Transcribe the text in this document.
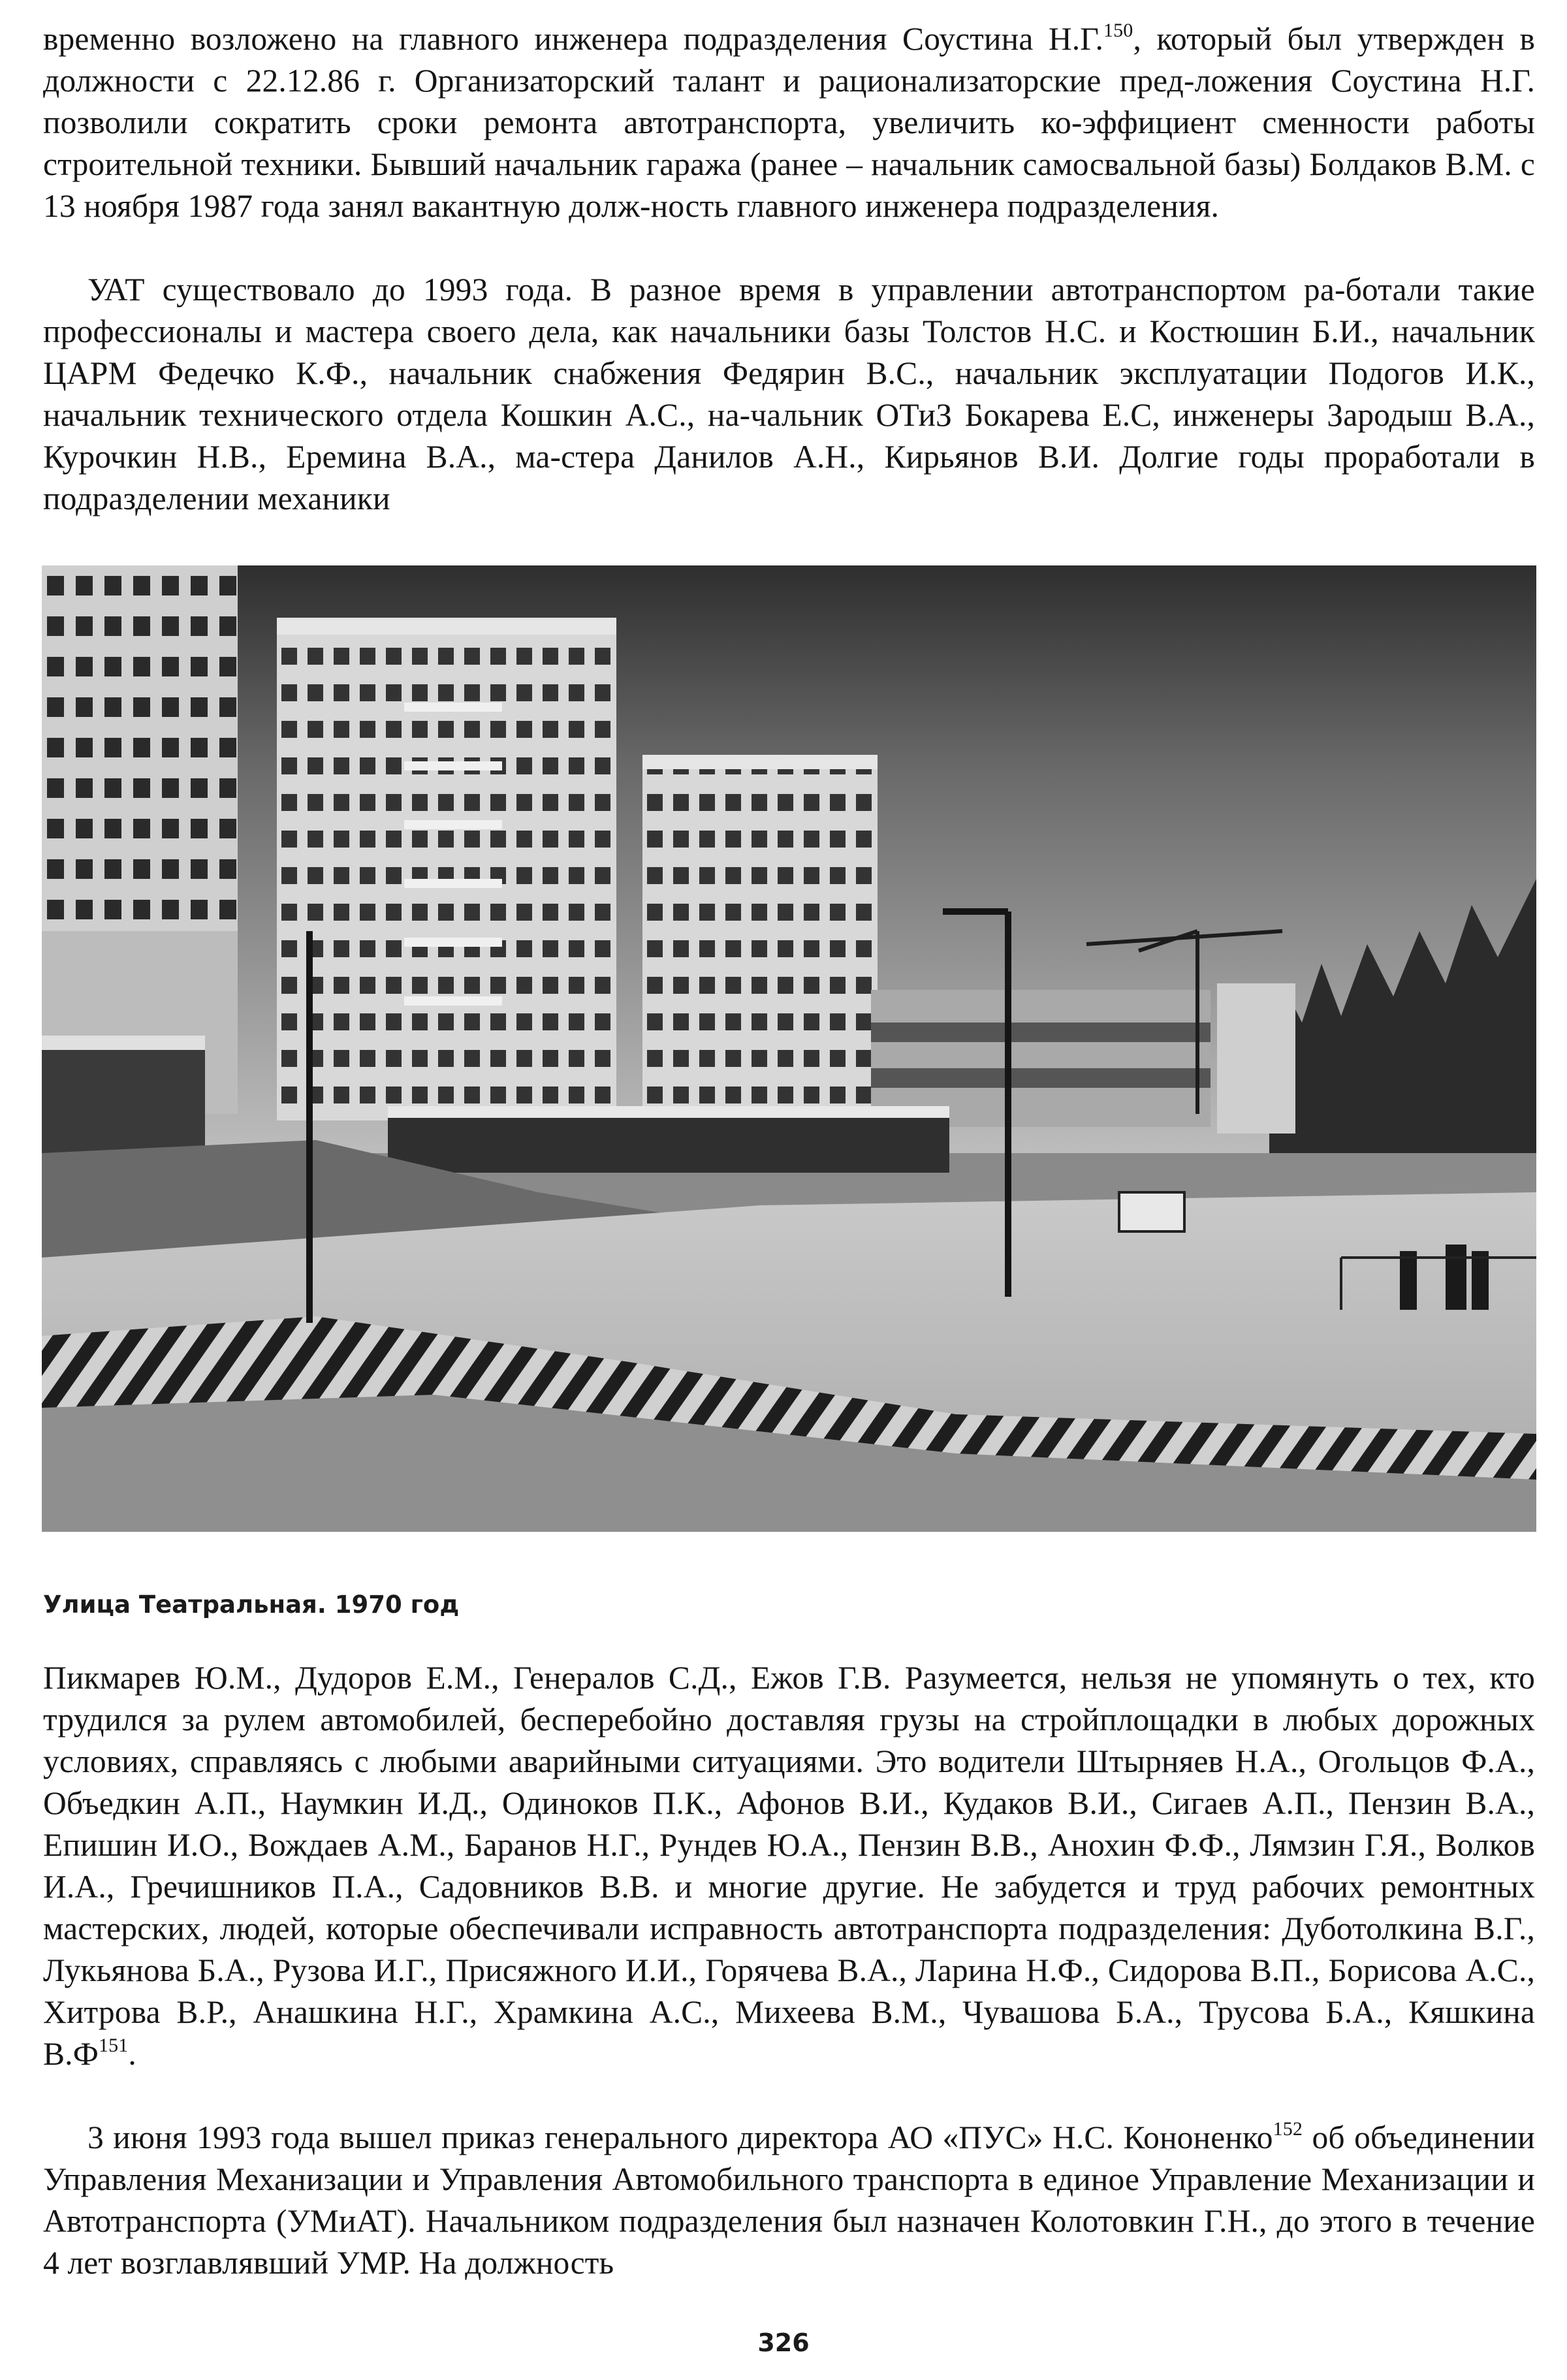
временно возложено на главного инженера подразделения Соустина Н.Г.$^{150}$, который был утвержден в должности с 22.12.86 г. Организаторский талант и рационализаторские пред-ложения Соустина Н.Г. позволили сократить сроки ремонта автотранспорта, увеличить ко-эффициент сменности работы строительной техники. Бывший начальник гаража (ранее – начальник самосвальной базы) Болдаков В.М. с 13 ноября 1987 года занял вакантную долж-ность главного инженера подразделения.

УАТ существовало до 1993 года. В разное время в управлении автотранспортом ра-ботали такие профессионалы и мастера своего дела, как начальники базы Толстов Н.С. и Костюшин Б.И., начальник ЦАРМ Федечко К.Ф., начальник снабжения Федярин В.С., начальник эксплуатации Подогов И.К., начальник технического отдела Кошкин А.С., на-чальник ОТиЗ Бокарева Е.С, инженеры Зародыш В.А., Курочкин Н.В., Еремина В.А., ма-стера Данилов А.Н., Кирьянов В.И. Долгие годы проработали в подразделении механики

Улица Театральная. 1970 год

Пикмарев Ю.М., Дудоров Е.М., Генералов С.Д., Ежов Г.В. Разумеется, нельзя не упомянуть о тех, кто трудился за рулем автомобилей, бесперебойно доставляя грузы на стройплощадки в любых дорожных условиях, справляясь с любыми аварийными ситуациями. Это водители Штырняев Н.А., Огольцов Ф.А., Объедкин А.П., Наумкин И.Д., Одиноков П.К., Афонов В.И., Кудаков В.И., Сигаев А.П., Пензин В.А., Епишин И.О., Вождаев А.М., Баранов Н.Г., Рундев Ю.А., Пензин В.В., Анохин Ф.Ф., Лямзин Г.Я., Волков И.А., Гречишников П.А., Садовников В.В. и многие другие. Не забудется и труд рабочих ремонтных мастерских, людей, которые обеспечивали исправность автотранспорта подразделения: Дуботолкина В.Г., Лукьянова Б.А., Рузова И.Г., Присяжного И.И., Горячева В.А., Ларина Н.Ф., Сидорова В.П., Борисова А.С., Хитрова В.Р., Анашкина Н.Г., Храмкина А.С., Михеева В.М., Чувашова Б.А., Трусова Б.А., Кяшкина $В.Ф^{151}$.

3 июня 1993 года вышел приказ генерального директора АО «ПУС» Н.С. Кононенко$^{152}$ об объединении Управления Механизации и Управления Автомобильного транспорта в единое Управление Механизации и Автотранспорта (УМиАТ). Начальником подразделения был назначен Колотовкин Г.Н., до этого в течение 4 лет возглавлявший УМР. На должность

326
